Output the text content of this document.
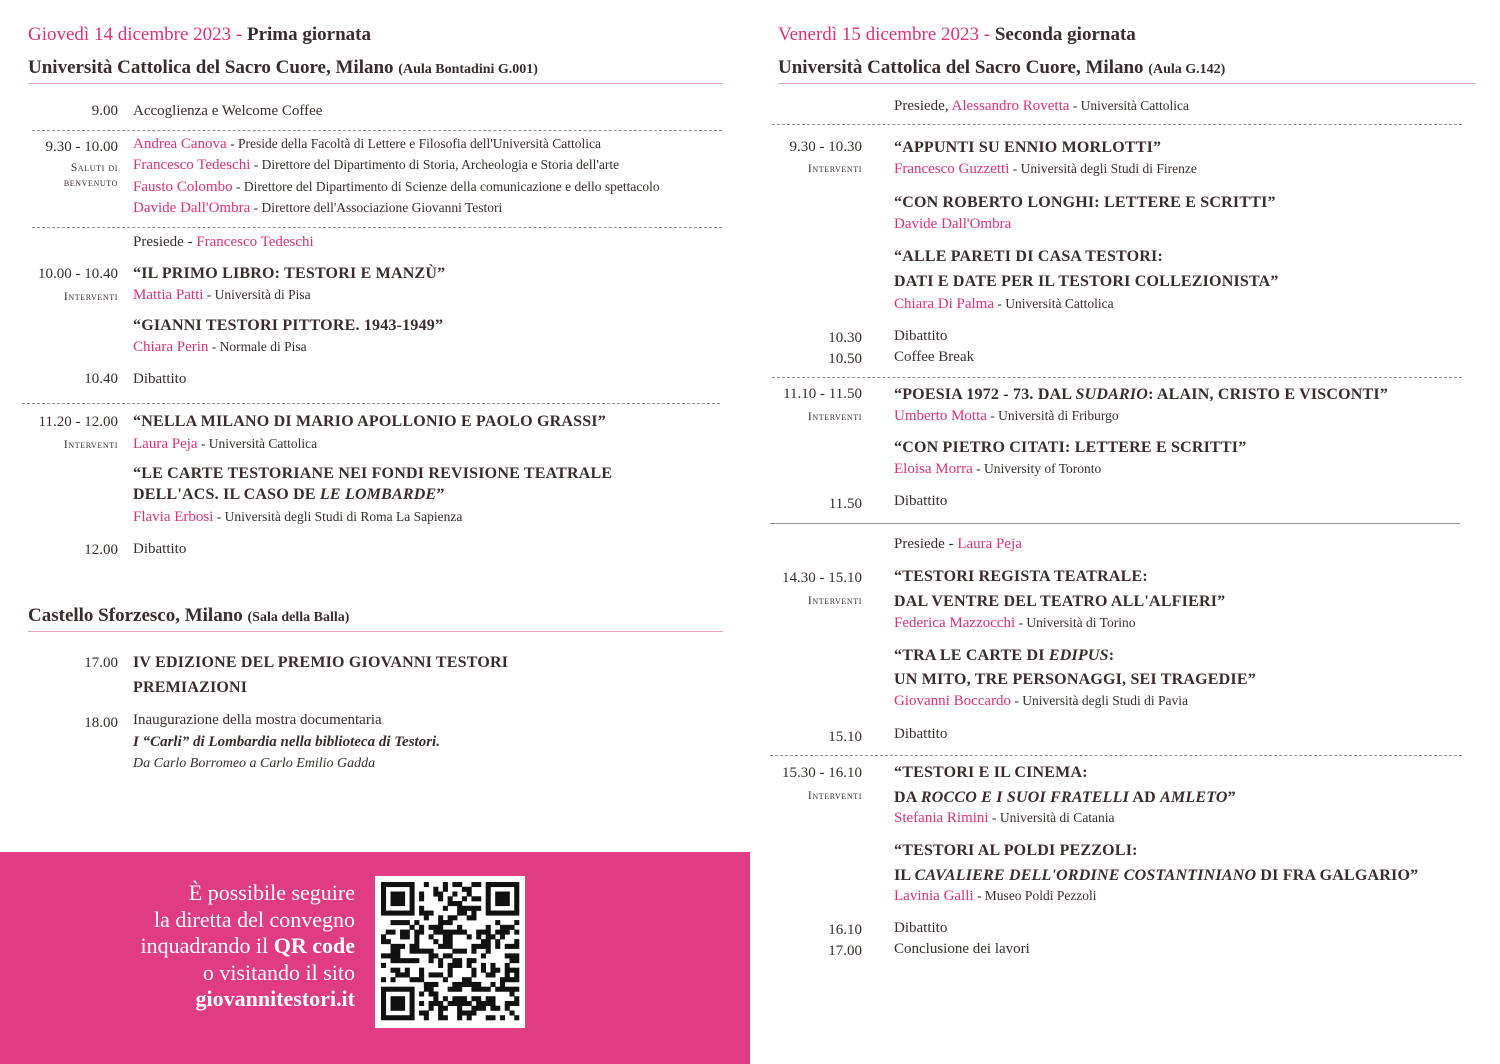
Giovedì 14 dicembre 2023 - Prima giornata
Università Cattolica del Sacro Cuore, Milano (Aula Bontadini G.001)
9.00 Accoglienza e Welcome Coffee
9.30 - 10.00
Saluti di
benvenuto
Andrea Canova - Preside della Facoltà di Lettere e Filosofia dell'Università Cattolica
Francesco Tedeschi - Direttore del Dipartimento di Storia, Archeologia e Storia dell'arte
Fausto Colombo - Direttore del Dipartimento di Scienze della comunicazione e dello spettacolo
Davide Dall'Ombra - Direttore dell'Associazione Giovanni Testori
Presiede - Francesco Tedeschi
10.00 - 10.40
Interventi
“IL PRIMO LIBRO: TESTORI E MANZÙ”
Mattia Patti - Università di Pisa
“GIANNI TESTORI PITTORE. 1943-1949”
Chiara Perin - Normale di Pisa
10.40 Dibattito
11.20 - 12.00
Interventi
“NELLA MILANO DI MARIO APOLLONIO E PAOLO GRASSI”
Laura Peja - Università Cattolica
“LE CARTE TESTORIANE NEI FONDI REVISIONE TEATRALE
DELL'ACS. IL CASO DE LE LOMBARDE”
Flavia Erbosi - Università degli Studi di Roma La Sapienza
12.00 Dibattito
Castello Sforzesco, Milano (Sala della Balla)
17.00 IV EDIZIONE DEL PREMIO GIOVANNI TESTORI
PREMIAZIONI
18.00 Inaugurazione della mostra documentaria
I “Carli” di Lombardia nella biblioteca di Testori.
Da Carlo Borromeo a Carlo Emilio Gadda
È possibile seguire
la diretta del convegno
inquadrando il QR code
o visitando il sito
giovannitestori.it
Venerdì 15 dicembre 2023 - Seconda giornata
Università Cattolica del Sacro Cuore, Milano (Aula G.142)
Presiede, Alessandro Rovetta - Università Cattolica
9.30 - 10.30
Interventi
“APPUNTI SU ENNIO MORLOTTI”
Francesco Guzzetti - Università degli Studi di Firenze
“CON ROBERTO LONGHI: LETTERE E SCRITTI”
Davide Dall'Ombra
“ALLE PARETI DI CASA TESTORI:
DATI E DATE PER IL TESTORI COLLEZIONISTA”
Chiara Di Palma - Università Cattolica
10.30 Dibattito
10.50 Coffee Break
11.10 - 11.50
Interventi
“POESIA 1972 - 73. DAL SUDARIO: ALAIN, CRISTO E VISCONTI”
Umberto Motta - Università di Friburgo
“CON PIETRO CITATI: LETTERE E SCRITTI”
Eloisa Morra - University of Toronto
11.50 Dibattito
Presiede - Laura Peja
14.30 - 15.10
Interventi
“TESTORI REGISTA TEATRALE:
DAL VENTRE DEL TEATRO ALL'ALFIERI”
Federica Mazzocchi - Università di Torino
“TRA LE CARTE DI EDIPUS:
UN MITO, TRE PERSONAGGI, SEI TRAGEDIE”
Giovanni Boccardo - Università degli Studi di Pavia
15.10 Dibattito
15.30 - 16.10
Interventi
“TESTORI E IL CINEMA:
DA ROCCO E I SUOI FRATELLI AD AMLETO”
Stefania Rimini - Università di Catania
“TESTORI AL POLDI PEZZOLI:
IL CAVALIERE DELL'ORDINE COSTANTINIANO DI FRA GALGARIO”
Lavinia Galli - Museo Poldi Pezzoli
16.10 Dibattito
17.00 Conclusione dei lavori
